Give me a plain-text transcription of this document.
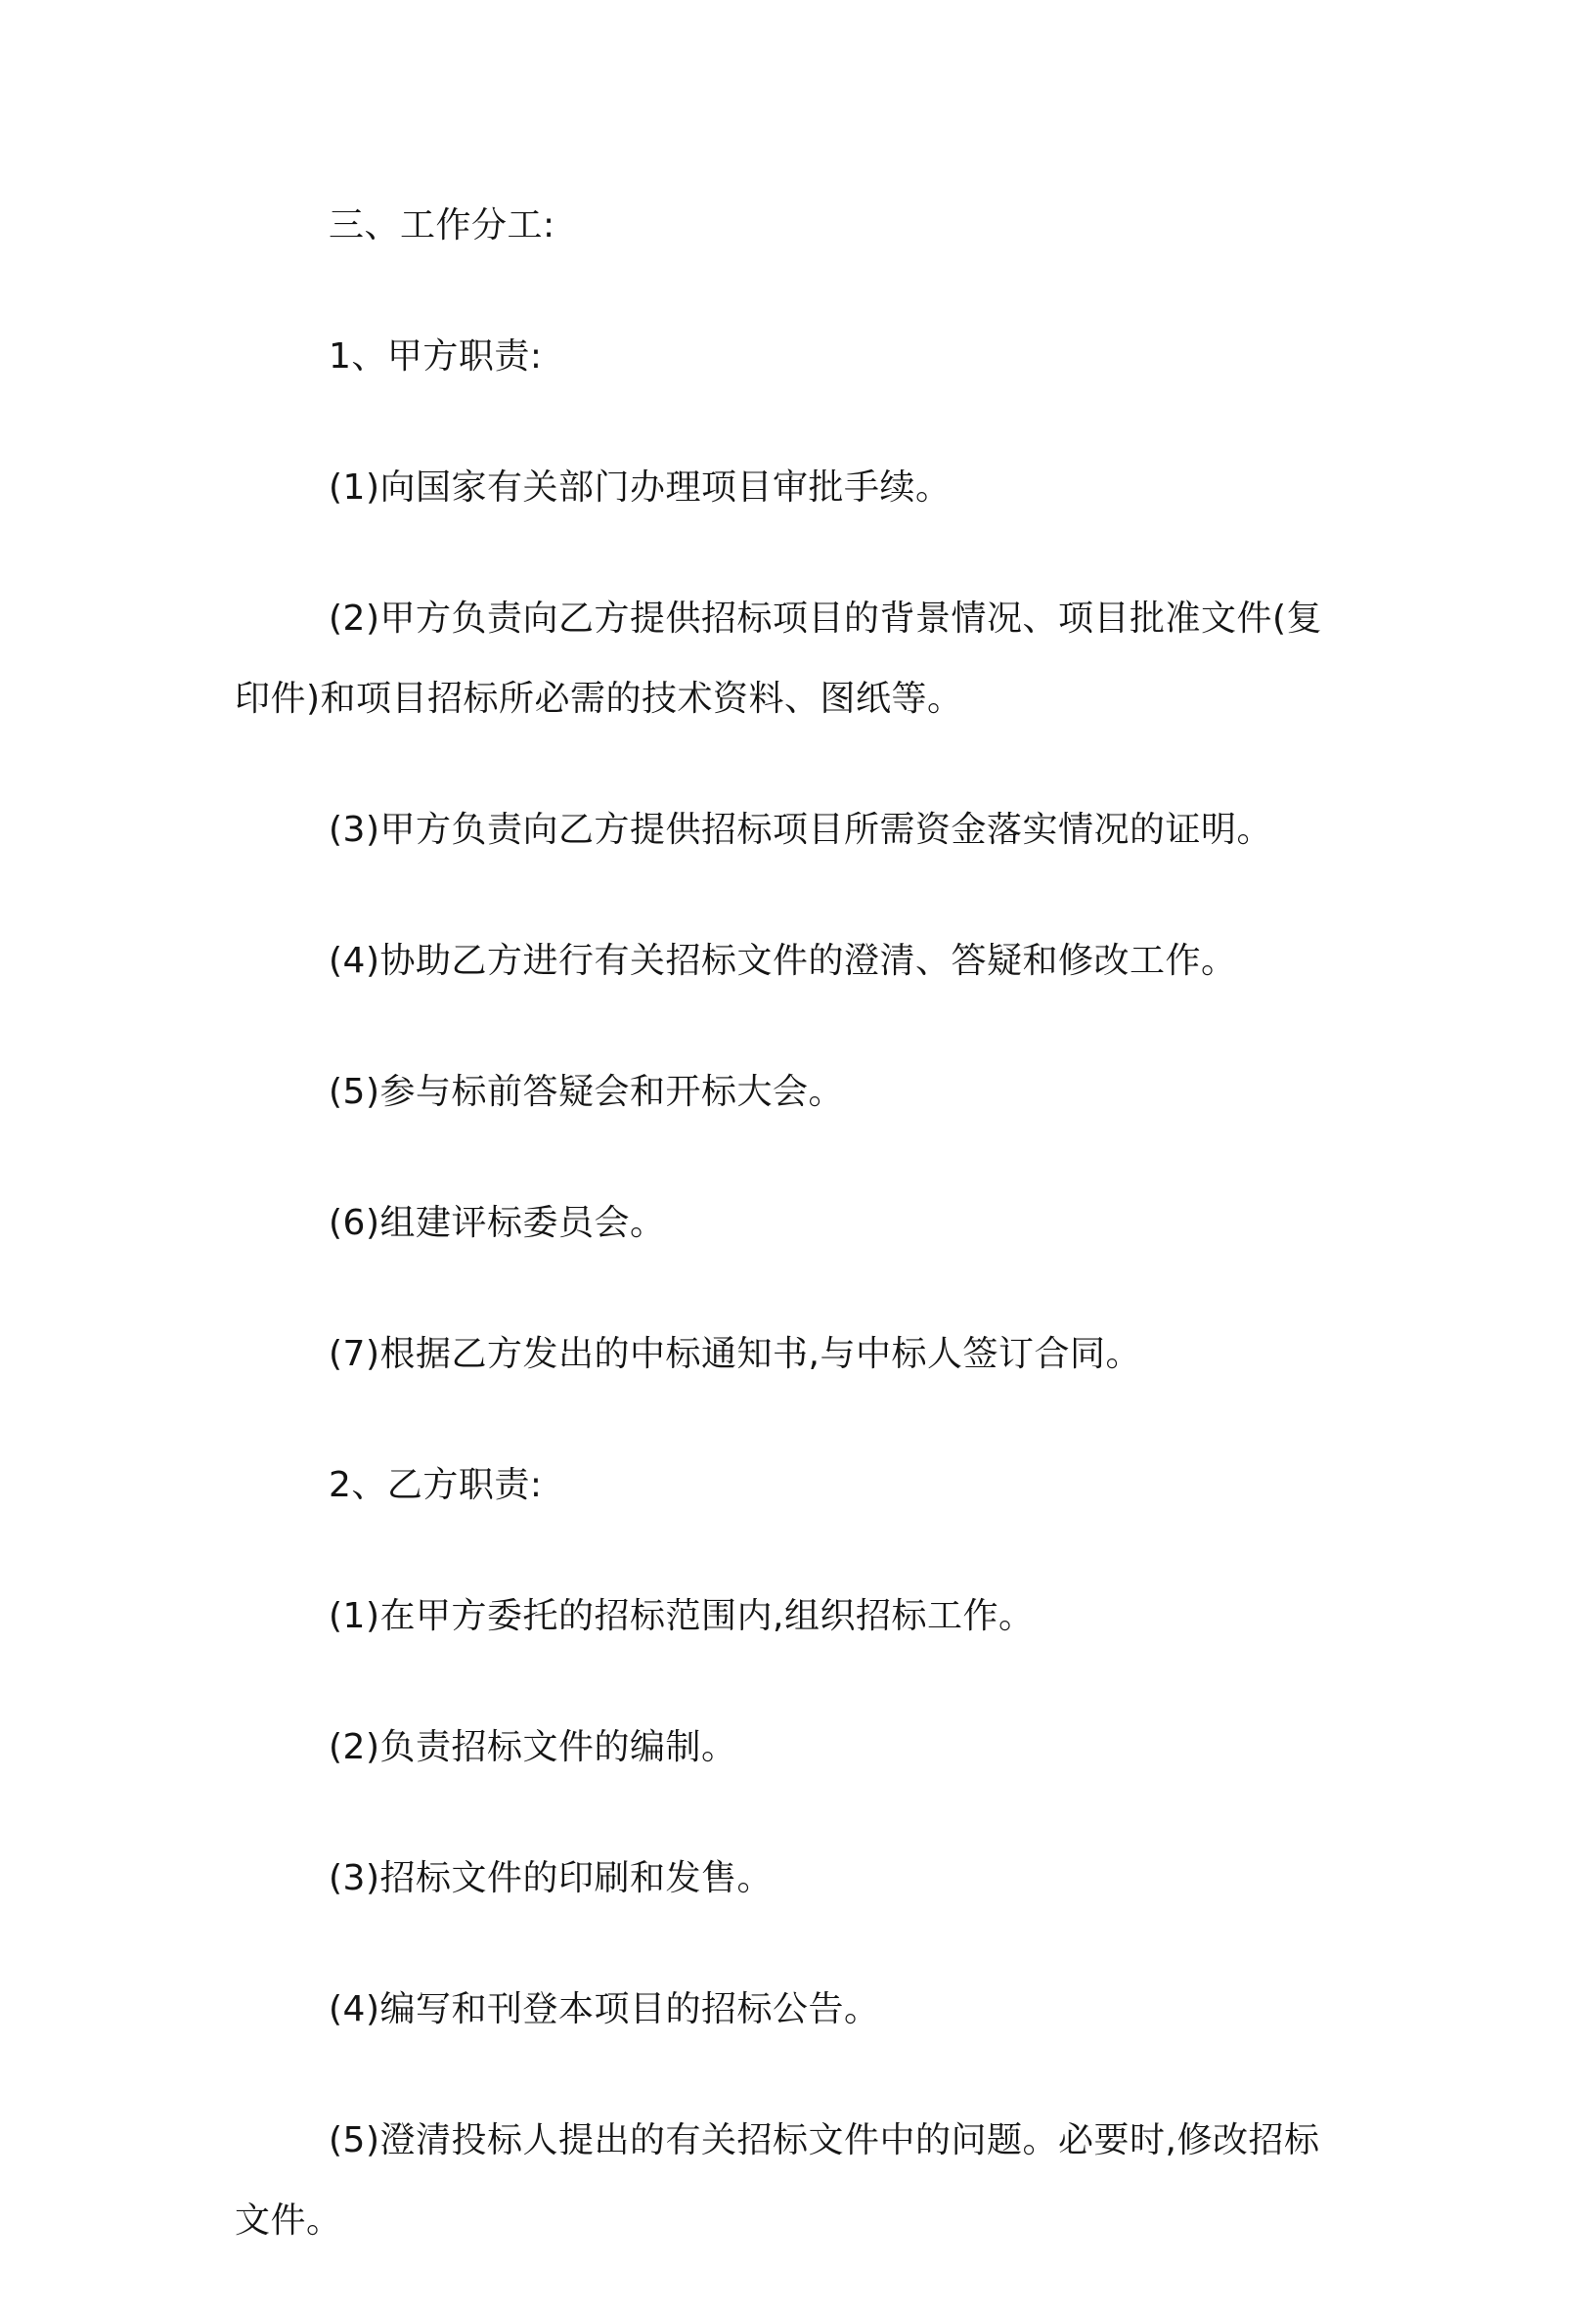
三、工作分工:

1、甲方职责:

(1)向国家有关部门办理项目审批手续。

(2)甲方负责向乙方提供招标项目的背景情况、项目批准文件(复印件)和项目招标所必需的技术资料、图纸等。

(3)甲方负责向乙方提供招标项目所需资金落实情况的证明。

(4)协助乙方进行有关招标文件的澄清、答疑和修改工作。

(5)参与标前答疑会和开标大会。

(6)组建评标委员会。

(7)根据乙方发出的中标通知书,与中标人签订合同。

2、乙方职责:

(1)在甲方委托的招标范围内,组织招标工作。

(2)负责招标文件的编制。

(3)招标文件的印刷和发售。

(4)编写和刊登本项目的招标公告。

(5)澄清投标人提出的有关招标文件中的问题。必要时,修改招标文件。
